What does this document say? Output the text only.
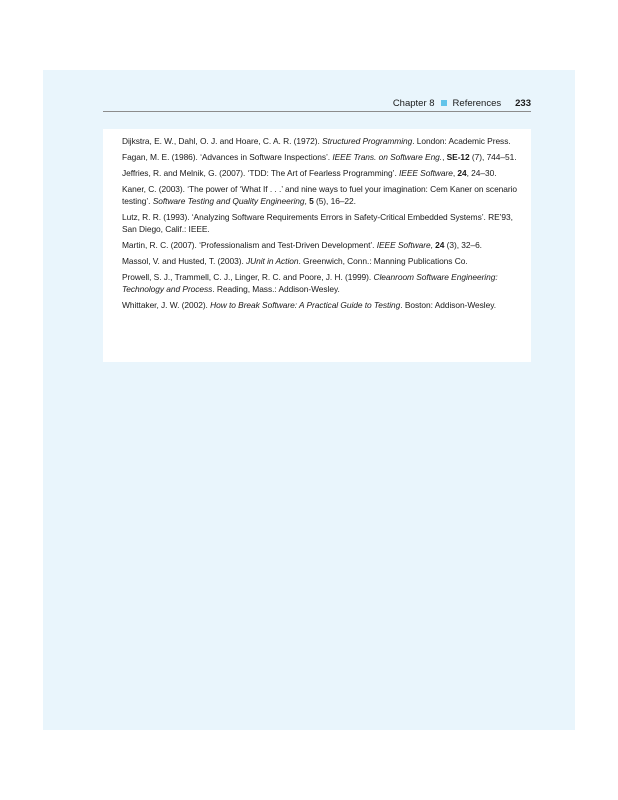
Chapter 8 References 233
Dijkstra, E. W., Dahl, O. J. and Hoare, C. A. R. (1972). Structured Programming. London: Academic Press.
Fagan, M. E. (1986). ‘Advances in Software Inspections’. IEEE Trans. on Software Eng., SE-12 (7), 744–51.
Jeffries, R. and Melnik, G. (2007). ‘TDD: The Art of Fearless Programming’. IEEE Software, 24, 24–30.
Kaner, C. (2003). ‘The power of ‘What If . . .’ and nine ways to fuel your imagination: Cem Kaner on scenario testing’. Software Testing and Quality Engineering, 5 (5), 16–22.
Lutz, R. R. (1993). ‘Analyzing Software Requirements Errors in Safety-Critical Embedded Systems’. RE’93, San Diego, Calif.: IEEE.
Martin, R. C. (2007). ‘Professionalism and Test-Driven Development’. IEEE Software, 24 (3), 32–6.
Massol, V. and Husted, T. (2003). JUnit in Action. Greenwich, Conn.: Manning Publications Co.
Prowell, S. J., Trammell, C. J., Linger, R. C. and Poore, J. H. (1999). Cleanroom Software Engineering: Technology and Process. Reading, Mass.: Addison-Wesley.
Whittaker, J. W. (2002). How to Break Software: A Practical Guide to Testing. Boston: Addison-Wesley.
